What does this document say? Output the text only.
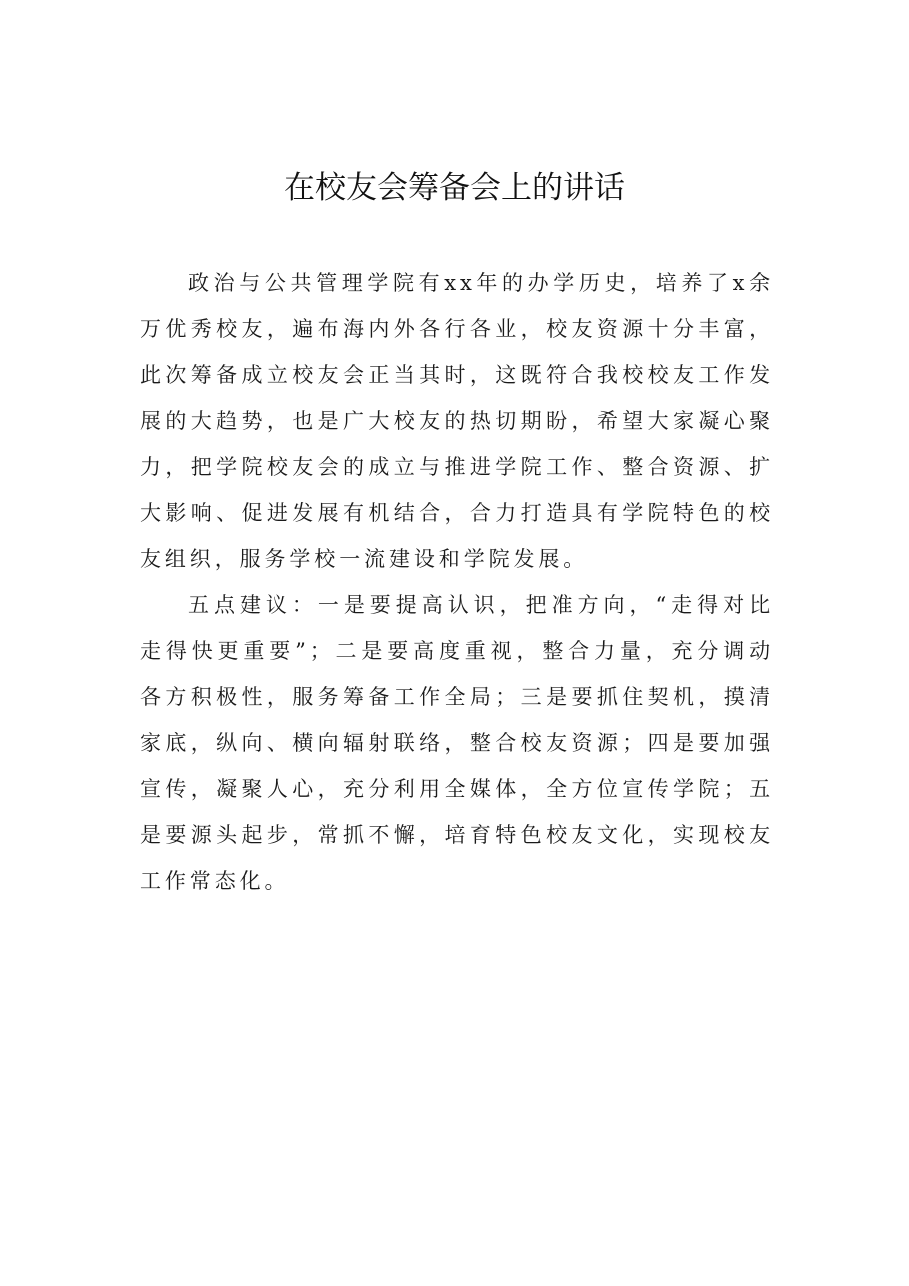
在校友会筹备会上的讲话

政治与公共管理学院有xx年的办学历史，培养了x余万优秀校友，遍布海内外各行各业，校友资源十分丰富，此次筹备成立校友会正当其时，这既符合我校校友工作发展的大趋势，也是广大校友的热切期盼，希望大家凝心聚力，把学院校友会的成立与推进学院工作、整合资源、扩大影响、促进发展有机结合，合力打造具有学院特色的校友组织，服务学校一流建设和学院发展。

五点建议：一是要提高认识，把准方向，“走得对比走得快更重要”；二是要高度重视，整合力量，充分调动各方积极性，服务筹备工作全局；三是要抓住契机，摸清家底，纵向、横向辐射联络，整合校友资源；四是要加强宣传，凝聚人心，充分利用全媒体，全方位宣传学院；五是要源头起步，常抓不懈，培育特色校友文化，实现校友工作常态化。
